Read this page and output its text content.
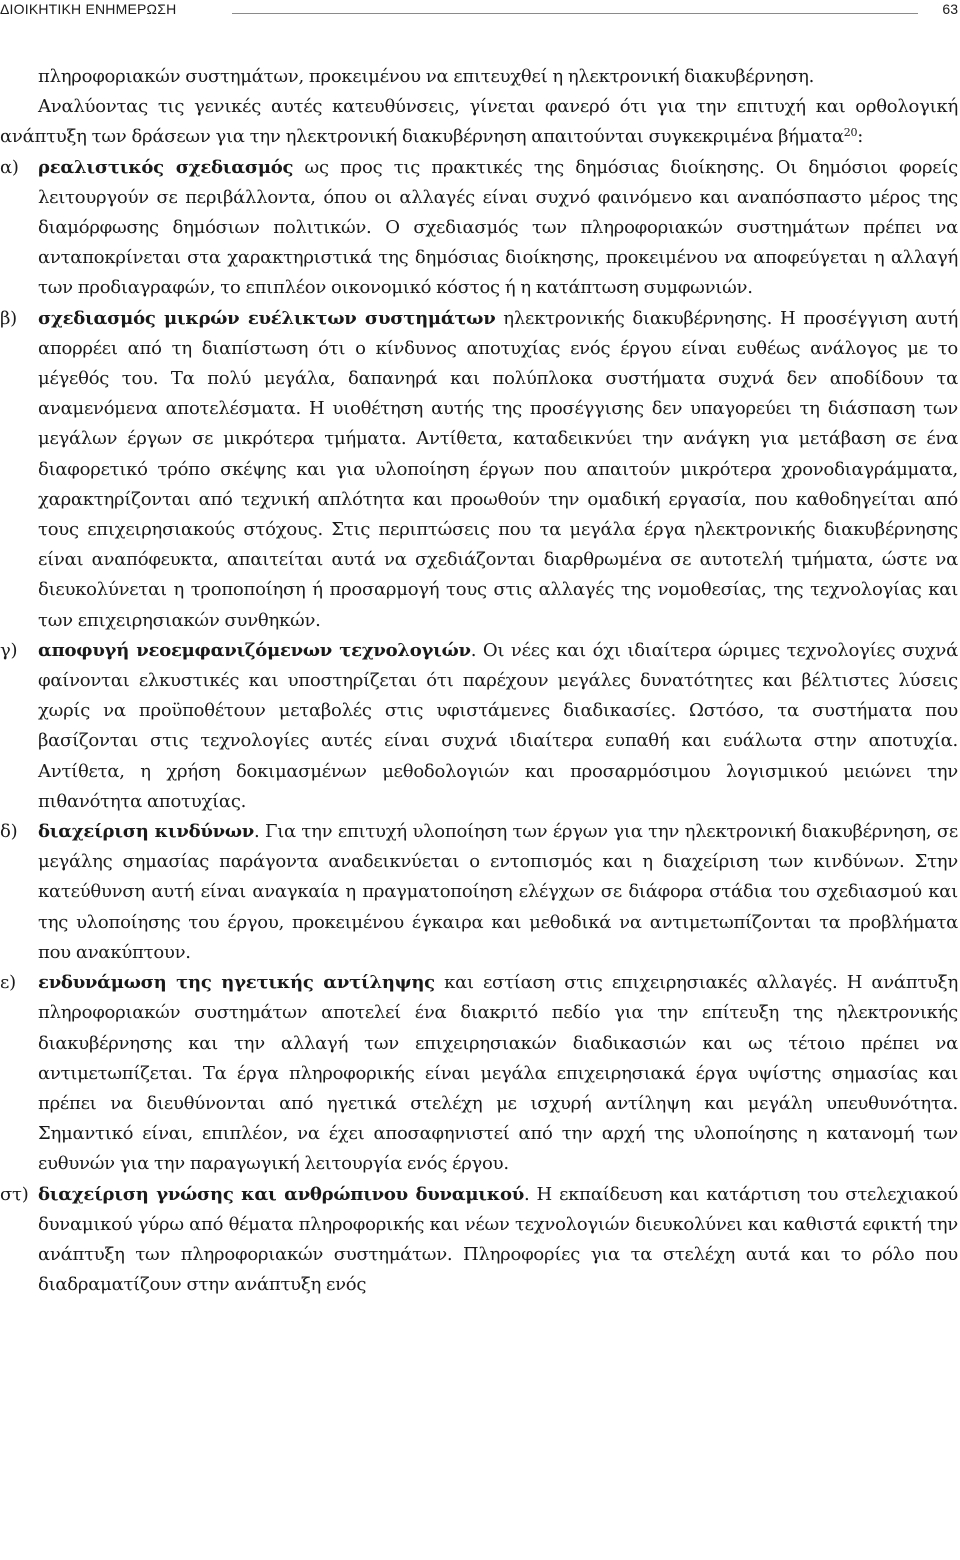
ΔΙΟΙΚΗΤΙΚΗ ΕΝΗΜΕΡΩΣΗ	63

πληροφοριακών συστημάτων, προκειμένου να επιτευχθεί η ηλεκτρονική διακυβέρνηση.

Αναλύοντας τις γενικές αυτές κατευθύνσεις, γίνεται φανερό ότι για την επιτυχή και ορθολογική ανάπτυξη των δράσεων για την ηλεκτρονική διακυβέρνηση απαιτούνται συγκεκριμένα βήματα$^{20}$:

α) ρεαλιστικός σχεδιασμός ως προς τις πρακτικές της δημόσιας διοίκησης. Οι δημόσιοι φορείς λειτουργούν σε περιβάλλοντα, όπου οι αλλαγές είναι συχνό φαινόμενο και αναπόσπαστο μέρος της διαμόρφωσης δημόσιων πολιτικών. Ο σχεδιασμός των πληροφοριακών συστημάτων πρέπει να ανταποκρίνεται στα χαρακτηριστικά της δημόσιας διοίκησης, προκειμένου να αποφεύγεται η αλλαγή των προδιαγραφών, το επιπλέον οικονομικό κόστος ή η κατάπτωση συμφωνιών.

β) σχεδιασμός μικρών ευέλικτων συστημάτων ηλεκτρονικής διακυβέρνησης. Η προσέγγιση αυτή απορρέει από τη διαπίστωση ότι ο κίνδυνος αποτυχίας ενός έργου είναι ευθέως ανάλογος με το μέγεθός του. Τα πολύ μεγάλα, δαπανηρά και πολύπλοκα συστήματα συχνά δεν αποδίδουν τα αναμενόμενα αποτελέσματα. Η υιοθέτηση αυτής της προσέγγισης δεν υπαγορεύει τη διάσπαση των μεγάλων έργων σε μικρότερα τμήματα. Αντίθετα, καταδεικνύει την ανάγκη για μετάβαση σε ένα διαφορετικό τρόπο σκέψης και για υλοποίηση έργων που απαιτούν μικρότερα χρονοδιαγράμματα, χαρακτηρίζονται από τεχνική απλότητα και προωθούν την ομαδική εργασία, που καθοδηγείται από τους επιχειρησιακούς στόχους. Στις περιπτώσεις που τα μεγάλα έργα ηλεκτρονικής διακυβέρνησης είναι αναπόφευκτα, απαιτείται αυτά να σχεδιάζονται διαρθρωμένα σε αυτοτελή τμήματα, ώστε να διευκολύνεται η τροποποίηση ή προσαρμογή τους στις αλλαγές της νομοθεσίας, της τεχνολογίας και των επιχειρησιακών συνθηκών.

γ) αποφυγή νεοεμφανιζόμενων τεχνολογιών. Οι νέες και όχι ιδιαίτερα ώριμες τεχνολογίες συχνά φαίνονται ελκυστικές και υποστηρίζεται ότι παρέχουν μεγάλες δυνατότητες και βέλτιστες λύσεις χωρίς να προϋποθέτουν μεταβολές στις υφιστάμενες διαδικασίες. Ωστόσο, τα συστήματα που βασίζονται στις τεχνολογίες αυτές είναι συχνά ιδιαίτερα ευπαθή και ευάλωτα στην αποτυχία. Αντίθετα, η χρήση δοκιμασμένων μεθοδολογιών και προσαρμόσιμου λογισμικού μειώνει την πιθανότητα αποτυχίας.

δ) διαχείριση κινδύνων. Για την επιτυχή υλοποίηση των έργων για την ηλεκτρονική διακυβέρνηση, σε μεγάλης σημασίας παράγοντα αναδεικνύεται ο εντοπισμός και η διαχείριση των κινδύνων. Στην κατεύθυνση αυτή είναι αναγκαία η πραγματοποίηση ελέγχων σε διάφορα στάδια του σχεδιασμού και της υλοποίησης του έργου, προκειμένου έγκαιρα και μεθοδικά να αντιμετωπίζονται τα προβλήματα που ανακύπτουν.

ε) ενδυνάμωση της ηγετικής αντίληψης και εστίαση στις επιχειρησιακές αλλαγές. Η ανάπτυξη πληροφοριακών συστημάτων αποτελεί ένα διακριτό πεδίο για την επίτευξη της ηλεκτρονικής διακυβέρνησης και την αλλαγή των επιχειρησιακών διαδικασιών και ως τέτοιο πρέπει να αντιμετωπίζεται. Τα έργα πληροφορικής είναι μεγάλα επιχειρησιακά έργα υψίστης σημασίας και πρέπει να διευθύνονται από ηγετικά στελέχη με ισχυρή αντίληψη και μεγάλη υπευθυνότητα. Σημαντικό είναι, επιπλέον, να έχει αποσαφηνιστεί από την αρχή της υλοποίησης η κατανομή των ευθυνών για την παραγωγική λειτουργία ενός έργου.

στ) διαχείριση γνώσης και ανθρώπινου δυναμικού. Η εκπαίδευση και κατάρτιση του στελεχιακού δυναμικού γύρω από θέματα πληροφορικής και νέων τεχνολογιών διευκολύνει και καθιστά εφικτή την ανάπτυξη των πληροφοριακών συστημάτων. Πληροφορίες για τα στελέχη αυτά και το ρόλο που διαδραματίζουν στην ανάπτυξη ενός
